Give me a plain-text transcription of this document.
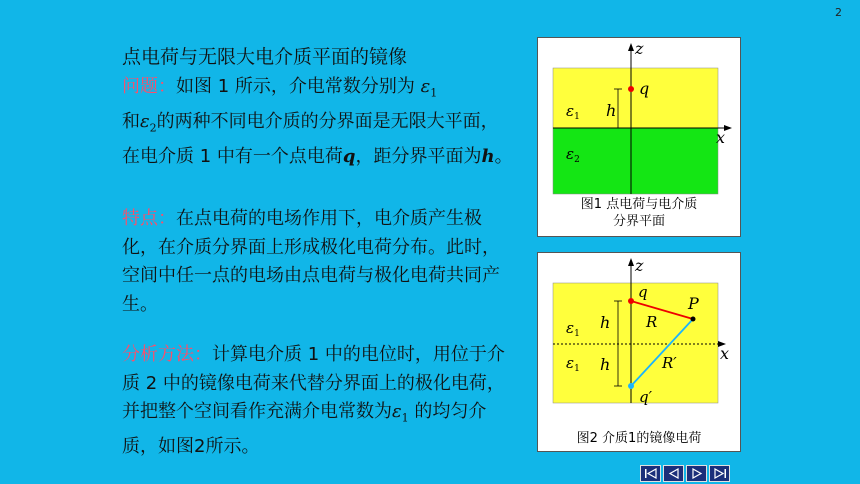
2
点电荷与无限大电介质平面的镜像
问题：如图 1 所示，介电常数分别为 $\varepsilon_1$
和$\varepsilon_2$的两种不同电介质的分界面是无限大平面，在电介质 1 中有一个点电荷q，距分界平面为h。
特点：在点电荷的电场作用下，电介质产生极化，在介质分界面上形成极化电荷分布。此时，空间中任一点的电场由点电荷与极化电荷共同产生。
分析方法：计算电介质 1 中的电位时，用位于介质 2 中的镜像电荷来代替分界面上的极化电荷，并把整个空间看作充满介电常数为$\varepsilon_1$ 的均匀介质，如图2所示。
z
x
q
h
$\varepsilon_1$
$\varepsilon_2$
图1 点电荷与电介质
分界平面
z
x
q
P
R
R′
q′
h
h
$\varepsilon_1$
$\varepsilon_1$
图2 介质1的镜像电荷
